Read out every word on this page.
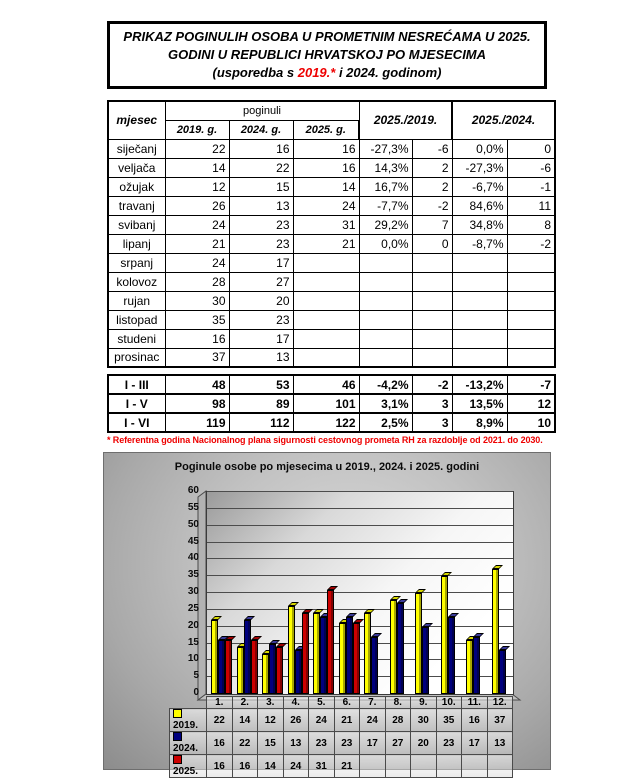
PRIKAZ POGINULIH OSOBA U PROMETNIM NESREĆAMA U 2025.
GODINI U REPUBLICI HRVATSKOJ PO MJESECIMA
(usporedba s 2019.* i 2024. godinom)
mjesec	poginuli			2025./2019.		2025./2024.	
	2019. g.	2024. g.	2025. g.				
siječanj	22	16	16	-27,3%	-6	0,0%	0
veljača	14	22	16	14,3%	2	-27,3%	-6
ožujak	12	15	14	16,7%	2	-6,7%	-1
travanj	26	13	24	-7,7%	-2	84,6%	11
svibanj	24	23	31	29,2%	7	34,8%	8
lipanj	21	23	21	0,0%	0	-8,7%	-2
srpanj	24	17					
kolovoz	28	27					
rujan	30	20					
listopad	35	23					
studeni	16	17					
prosinac	37	13					
I - III	48	53	46	-4,2%	-2	-13,2%	-7
I - V	98	89	101	3,1%	3	13,5%	12
I - VI	119	112	122	2,5%	3	8,9%	10
* Referentna godina Nacionalnog plana sigurnosti cestovnog prometa RH za razdoblje od 2021. do 2030.
Poginule osobe po mjesecima u 2019., 2024. i 2025. godini
0
5
10
15
20
25
30
35
40
45
50
55
60
	1.	2.	3.	4.	5.	6.	7.	8.	9.	10.	11.	12.
2019.	22	14	12	26	24	21	24	28	30	35	16	37
2024.	16	22	15	13	23	23	17	27	20	23	17	13
2025.	16	16	14	24	31	21						
